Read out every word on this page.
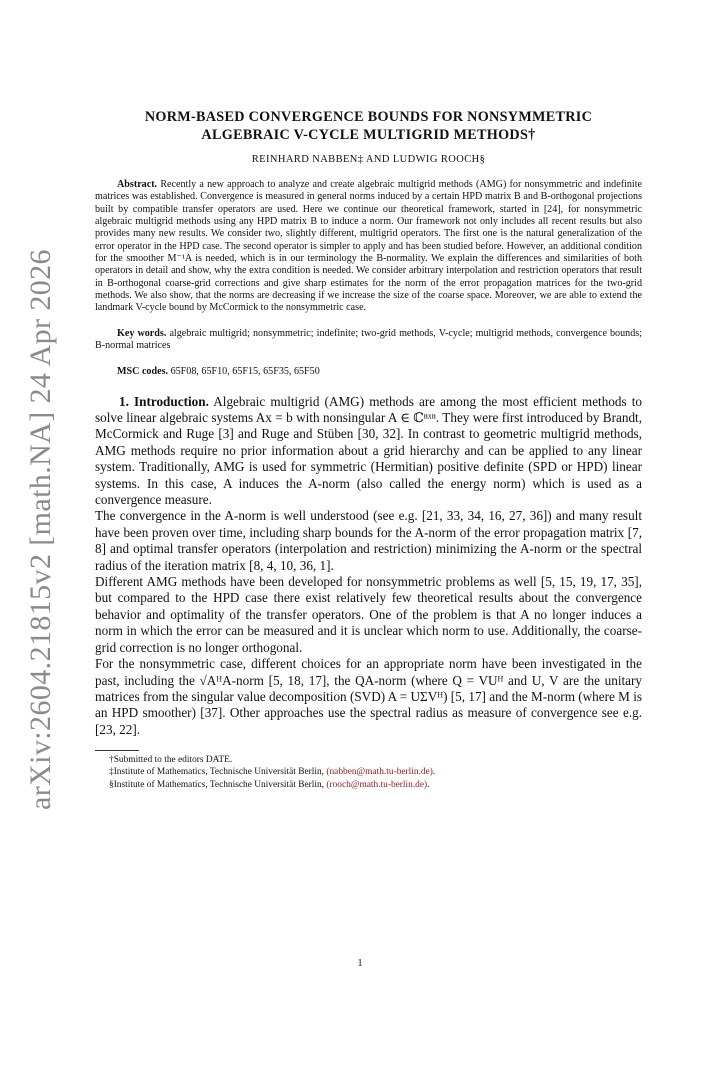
arXiv:2604.21815v2 [math.NA] 24 Apr 2026
NORM-BASED CONVERGENCE BOUNDS FOR NONSYMMETRIC
ALGEBRAIC V-CYCLE MULTIGRID METHODS†
REINHARD NABBEN‡ AND LUDWIG ROOCH§
Abstract. Recently a new approach to analyze and create algebraic multigrid methods (AMG) for nonsymmetric and indefinite matrices was established. Convergence is measured in general norms induced by a certain HPD matrix B and B-orthogonal projections built by compatible transfer operators are used. Here we continue our theoretical framework, started in [24], for nonsymmetric algebraic multigrid methods using any HPD matrix B to induce a norm. Our framework not only includes all recent results but also provides many new results. We consider two, slightly different, multigrid operators. The first one is the natural generalization of the error operator in the HPD case. The second operator is simpler to apply and has been studied before. However, an additional condition for the smoother M⁻¹A is needed, which is in our terminology the B-normality. We explain the differences and similarities of both operators in detail and show, why the extra condition is needed. We consider arbitrary interpolation and restriction operators that result in B-orthogonal coarse-grid corrections and give sharp estimates for the norm of the error propagation matrices for the two-grid methods. We also show, that the norms are decreasing if we increase the size of the coarse space. Moreover, we are able to extend the landmark V-cycle bound by McCormick to the nonsymmetric case.
Key words. algebraic multigrid; nonsymmetric; indefinite; two-grid methods, V-cycle; multigrid methods, convergence bounds; B-normal matrices
MSC codes. 65F08, 65F10, 65F15, 65F35, 65F50

1. Introduction. Algebraic multigrid (AMG) methods are among the most efficient methods to solve linear algebraic systems Ax = b with nonsingular A ∈ ℂⁿˣⁿ. They were first introduced by Brandt, McCormick and Ruge [3] and Ruge and Stüben [30, 32]. In contrast to geometric multigrid methods, AMG methods require no prior information about a grid hierarchy and can be applied to any linear system. Traditionally, AMG is used for symmetric (Hermitian) positive definite (SPD or HPD) linear systems. In this case, A induces the A-norm (also called the energy norm) which is used as a convergence measure.

The convergence in the A-norm is well understood (see e.g. [21, 33, 34, 16, 27, 36]) and many result have been proven over time, including sharp bounds for the A-norm of the error propagation matrix [7, 8] and optimal transfer operators (interpolation and restriction) minimizing the A-norm or the spectral radius of the iteration matrix [8, 4, 10, 36, 1].

Different AMG methods have been developed for nonsymmetric problems as well [5, 15, 19, 17, 35], but compared to the HPD case there exist relatively few theoretical results about the convergence behavior and optimality of the transfer operators. One of the problem is that A no longer induces a norm in which the error can be measured and it is unclear which norm to use. Additionally, the coarse-grid correction is no longer orthogonal.

For the nonsymmetric case, different choices for an appropriate norm have been investigated in the past, including the √AᴴA-norm [5, 18, 17], the QA-norm (where Q = VUᴴ and U, V are the unitary matrices from the singular value decomposition (SVD) A = UΣVᴴ) [5, 17] and the M-norm (where M is an HPD smoother) [37]. Other approaches use the spectral radius as measure of convergence see e.g. [23, 22].

†Submitted to the editors DATE.
‡Institute of Mathematics, Technische Universität Berlin, (nabben@math.tu-berlin.de).
§Institute of Mathematics, Technische Universität Berlin, (rooch@math.tu-berlin.de).
1
